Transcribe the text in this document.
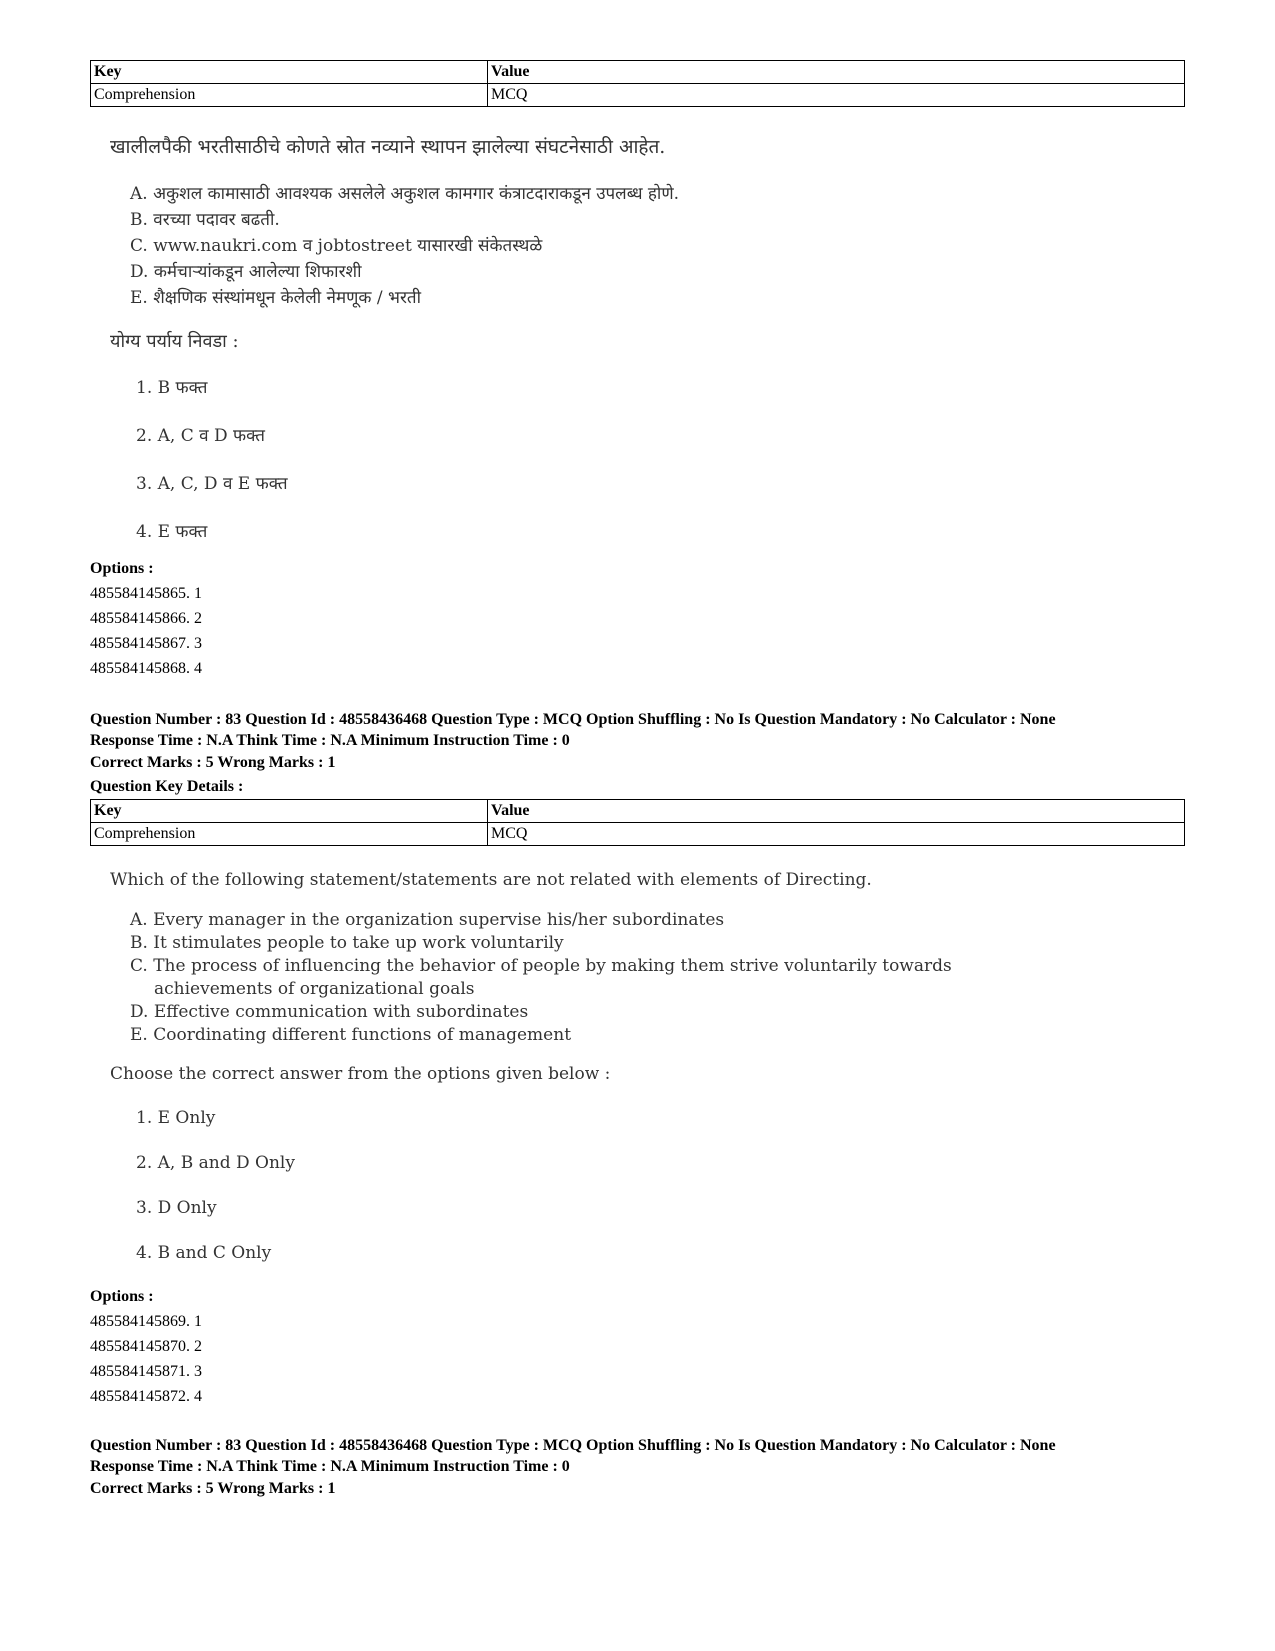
Key	Value
Comprehension	MCQ
खालीलपैकी भरतीसाठीचे कोणते स्रोत नव्याने स्थापन झालेल्या संघटनेसाठी आहेत.
A. अकुशल कामासाठी आवश्यक असलेले अकुशल कामगार कंत्राटदाराकडून उपलब्ध होणे.
B. वरच्या पदावर बढती.
C. www.naukri.com व jobtostreet यासारखी संकेतस्थळे
D. कर्मचाऱ्यांकडून आलेल्या शिफारशी
E. शैक्षणिक संस्थांमधून केलेली नेमणूक / भरती
योग्य पर्याय निवडा :
1. B फक्त
2. A, C व D फक्त
3. A, C, D व E फक्त
4. E फक्त
Options :
485584145865. 1
485584145866. 2
485584145867. 3
485584145868. 4
Question Number : 83 Question Id : 48558436468 Question Type : MCQ Option Shuffling : No Is Question Mandatory : No Calculator : None
Response Time : N.A Think Time : N.A Minimum Instruction Time : 0
Correct Marks : 5 Wrong Marks : 1
Question Key Details :
Key	Value
Comprehension	MCQ
Which of the following statement/statements are not related with elements of Directing.
A. Every manager in the organization supervise his/her subordinates
B. It stimulates people to take up work voluntarily
C. The process of influencing the behavior of people by making them strive voluntarily towards
achievements of organizational goals
D. Effective communication with subordinates
E. Coordinating different functions of management
Choose the correct answer from the options given below :
1. E Only
2. A, B and D Only
3. D Only
4. B and C Only
Options :
485584145869. 1
485584145870. 2
485584145871. 3
485584145872. 4
Question Number : 83 Question Id : 48558436468 Question Type : MCQ Option Shuffling : No Is Question Mandatory : No Calculator : None
Response Time : N.A Think Time : N.A Minimum Instruction Time : 0
Correct Marks : 5 Wrong Marks : 1
